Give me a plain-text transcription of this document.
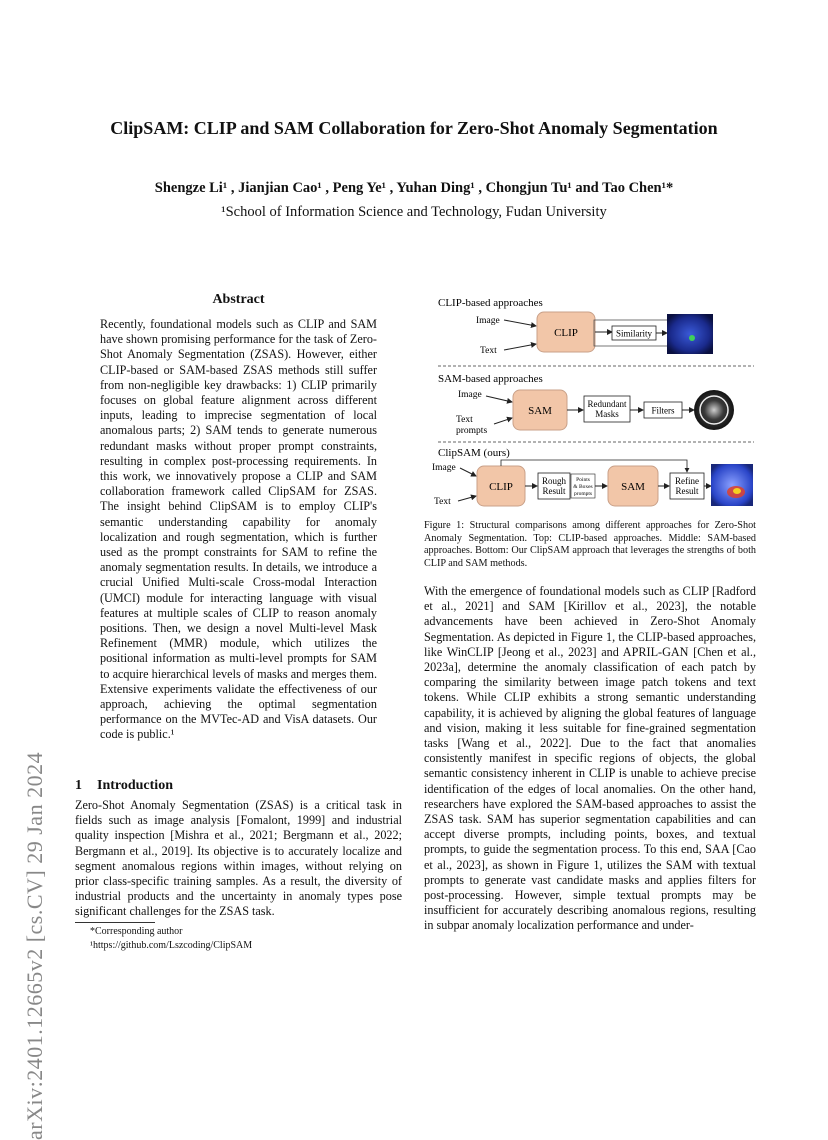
arXiv:2401.12665v2 [cs.CV] 29 Jan 2024
ClipSAM: CLIP and SAM Collaboration for Zero-Shot Anomaly Segmentation
Shengze Li¹ , Jianjian Cao¹ , Peng Ye¹ , Yuhan Ding¹ , Chongjun Tu¹ and Tao Chen¹*
¹School of Information Science and Technology, Fudan University
Abstract
Recently, foundational models such as CLIP and SAM have shown promising performance for the task of Zero-Shot Anomaly Segmentation (ZSAS). However, either CLIP-based or SAM-based ZSAS methods still suffer from non-negligible key drawbacks: 1) CLIP primarily focuses on global feature alignment across different inputs, leading to imprecise segmentation of local anomalous parts; 2) SAM tends to generate numerous redundant masks without proper prompt constraints, resulting in complex post-processing requirements. In this work, we innovatively propose a CLIP and SAM collaboration framework called ClipSAM for ZSAS. The insight behind ClipSAM is to employ CLIP's semantic understanding capability for anomaly localization and rough segmentation, which is further used as the prompt constraints for SAM to refine the anomaly segmentation results. In details, we introduce a crucial Unified Multi-scale Cross-modal Interaction (UMCI) module for interacting language with visual features at multiple scales of CLIP to reason anomaly positions. Then, we design a novel Multi-level Mask Refinement (MMR) module, which utilizes the positional information as multi-level prompts for SAM to acquire hierarchical levels of masks and merges them. Extensive experiments validate the effectiveness of our approach, achieving the optimal segmentation performance on the MVTec-AD and VisA datasets. Our code is public.¹
1 Introduction
Zero-Shot Anomaly Segmentation (ZSAS) is a critical task in fields such as image analysis [Fomalont, 1999] and industrial quality inspection [Mishra et al., 2021; Bergmann et al., 2022; Bergmann et al., 2019]. Its objective is to accurately localize and segment anomalous regions within images, without relying on prior class-specific training samples. As a result, the diversity of industrial products and the uncertainty in anomaly types pose significant challenges for the ZSAS task.
*Corresponding author
¹https://github.com/Lszcoding/ClipSAM
CLIP-based approaches
Image
Text
CLIP	Similarity
SAM-based approaches
Image
Text
prompts
SAM
Redundant
Masks	Filters
ClipSAM (ours)
Image
Text
CLIP	Rough
Result
Points
& Boxes
prompts
SAM	Refine
Result
Figure 1: Structural comparisons among different approaches for Zero-Shot Anomaly Segmentation. Top: CLIP-based approaches. Middle: SAM-based approaches. Bottom: Our ClipSAM approach that leverages the strengths of both CLIP and SAM methods.
With the emergence of foundational models such as CLIP [Radford et al., 2021] and SAM [Kirillov et al., 2023], the notable advancements have been achieved in Zero-Shot Anomaly Segmentation. As depicted in Figure 1, the CLIP-based approaches, like WinCLIP [Jeong et al., 2023] and APRIL-GAN [Chen et al., 2023a], determine the anomaly classification of each patch by comparing the similarity between image patch tokens and text tokens. While CLIP exhibits a strong semantic understanding capability, it is achieved by aligning the global features of language and vision, making it less suitable for fine-grained segmentation tasks [Wang et al., 2022]. Due to the fact that anomalies consistently manifest in specific regions of objects, the global semantic consistency inherent in CLIP is unable to achieve precise identification of the edges of local anomalies. On the other hand, researchers have explored the SAM-based approaches to assist the ZSAS task. SAM has superior segmentation capabilities and can accept diverse prompts, including points, boxes, and textual prompts, to guide the segmentation process. To this end, SAA [Cao et al., 2023], as shown in Figure 1, utilizes the SAM with textual prompts to generate vast candidate masks and applies filters for post-processing. However, simple textual prompts may be insufficient for accurately describing anomalous regions, resulting in subpar anomaly localization performance and under-
